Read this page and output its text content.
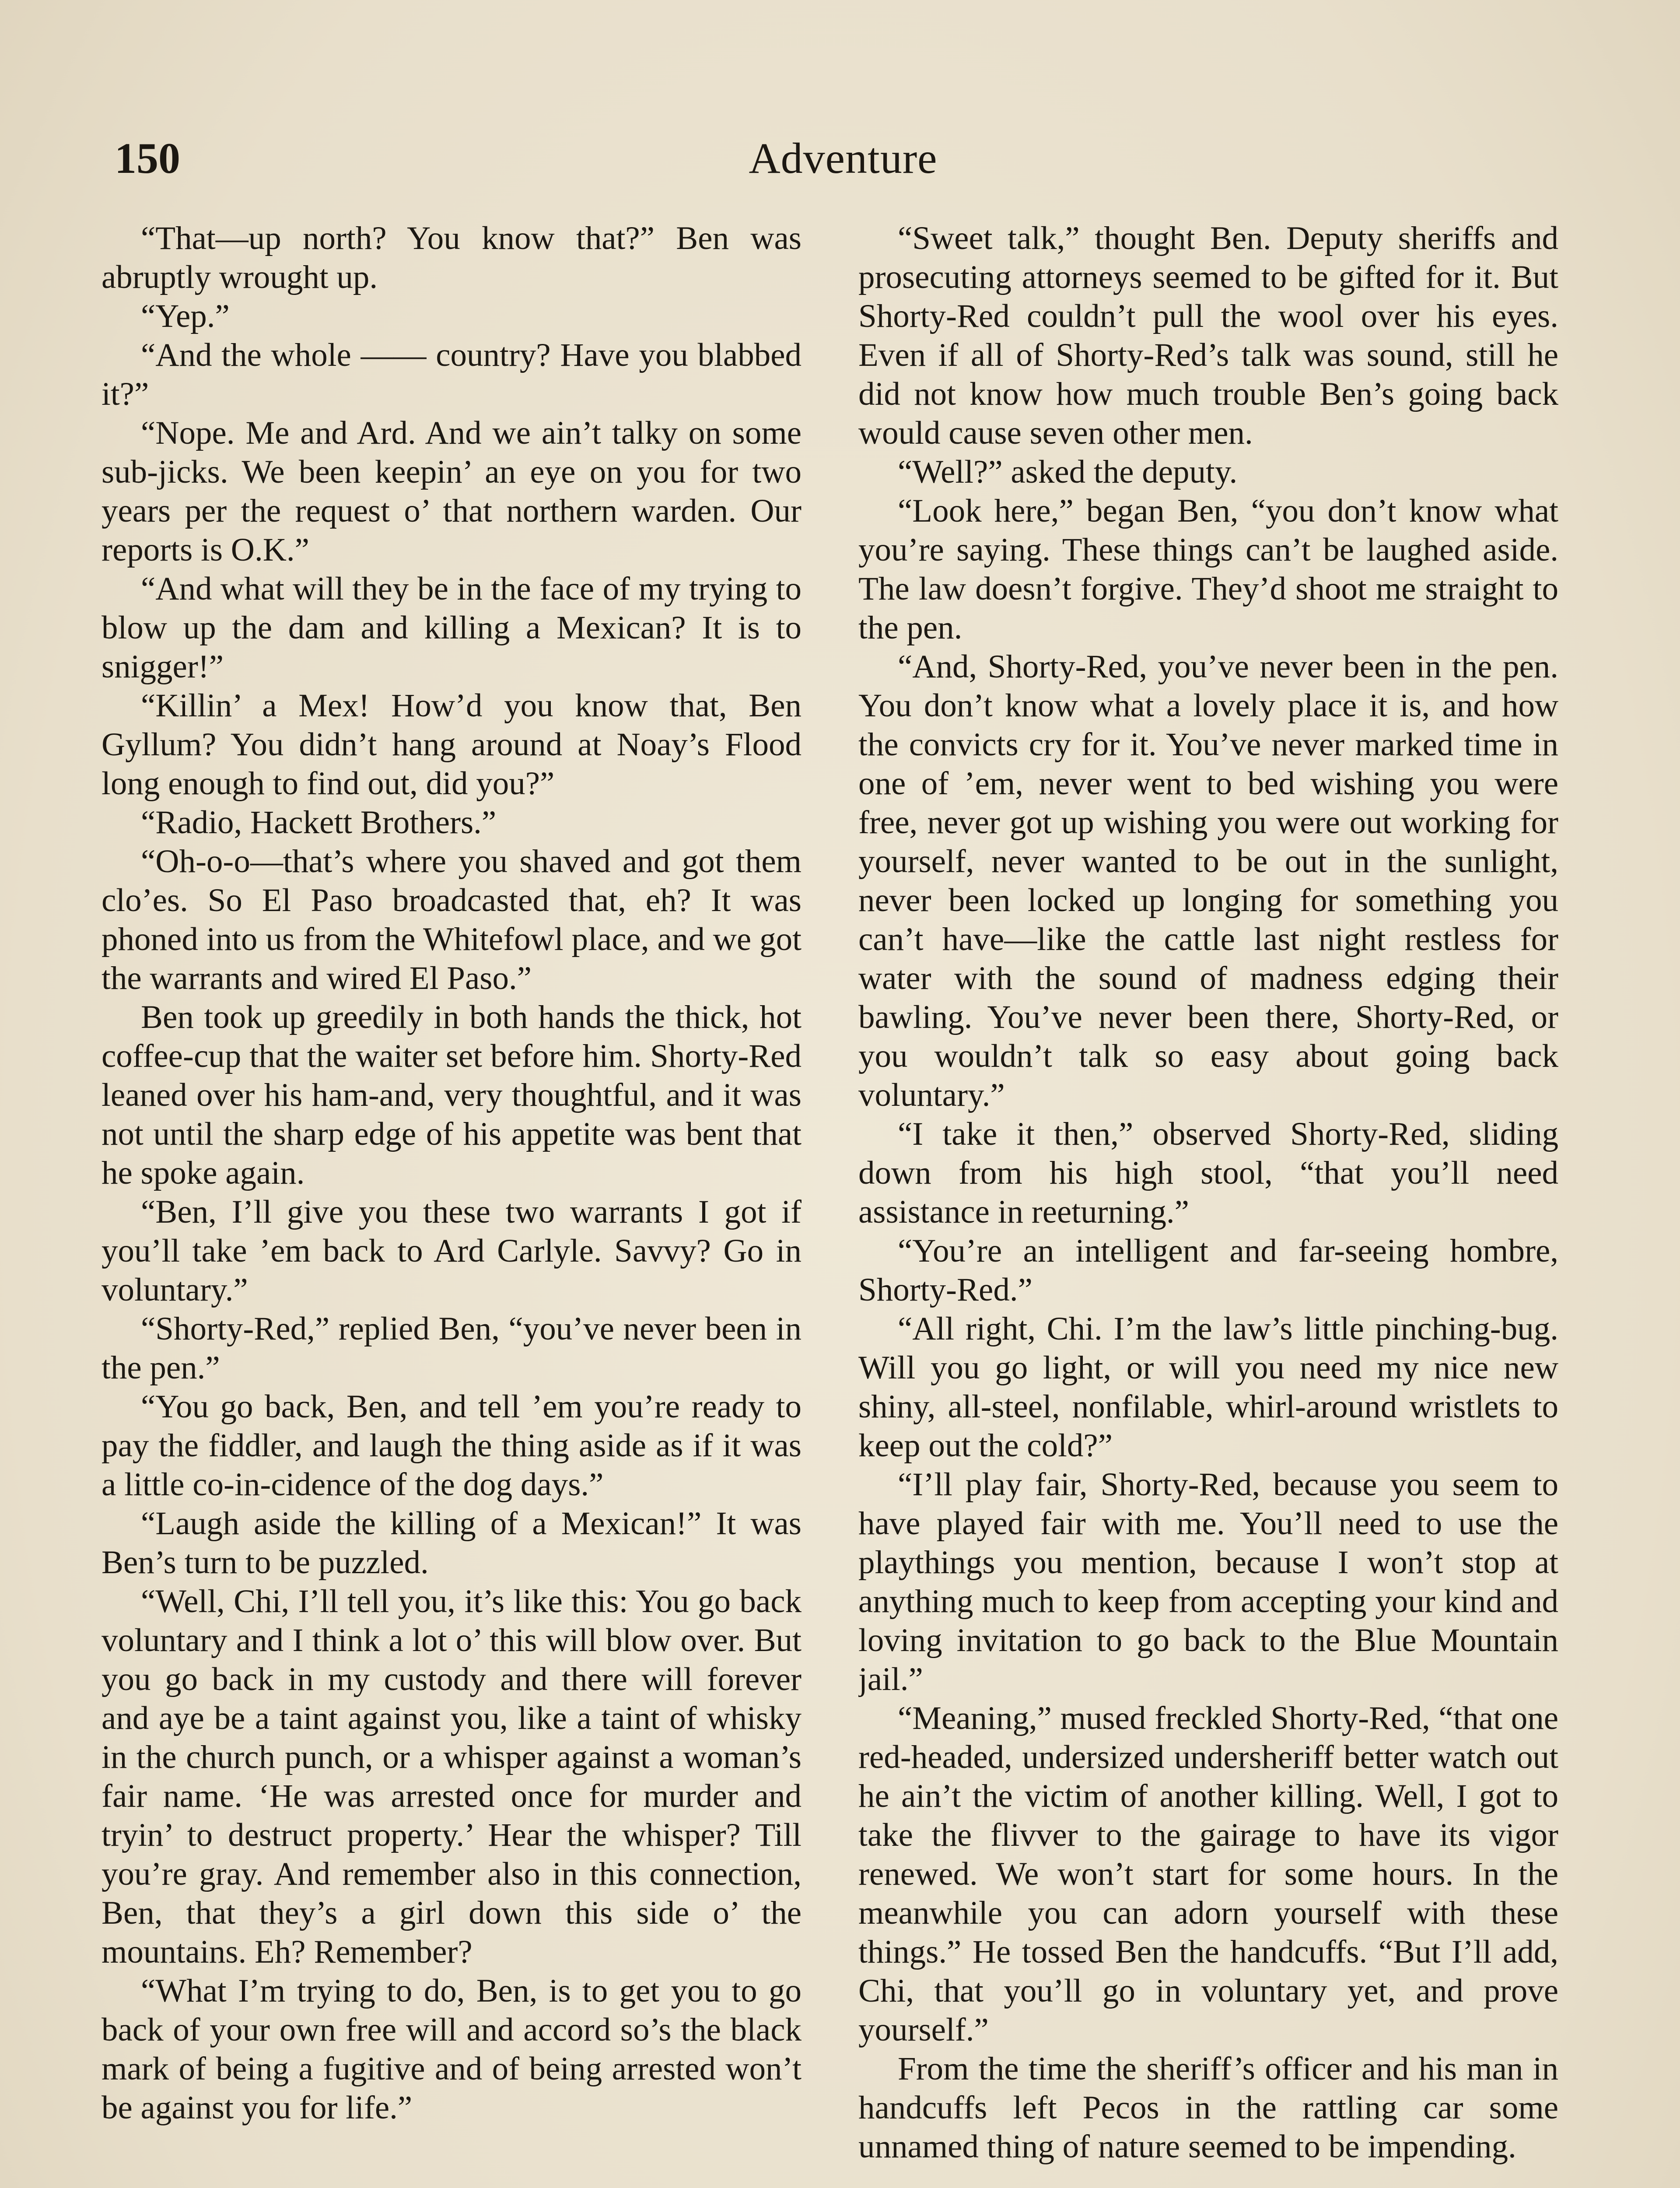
150	Adventure

“That—up north? You know that?” Ben was abruptly wrought up.

“Yep.”

“And the whole —— country? Have you blabbed it?”

“Nope. Me and Ard. And we ain’t talky on some sub-jicks. We been keepin’ an eye on you for two years per the request o’ that northern warden. Our reports is O.K.”

“And what will they be in the face of my trying to blow up the dam and killing a Mexican? It is to snigger!”

“Killin’ a Mex! How’d you know that, Ben Gyllum? You didn’t hang around at Noay’s Flood long enough to find out, did you?”

“Radio, Hackett Brothers.”

“Oh-o-o—that’s where you shaved and got them clo’es. So El Paso broadcasted that, eh? It was phoned into us from the Whitefowl place, and we got the warrants and wired El Paso.”

Ben took up greedily in both hands the thick, hot coffee-cup that the waiter set before him. Shorty-Red leaned over his ham-and, very thoughtful, and it was not until the sharp edge of his appetite was bent that he spoke again.

“Ben, I’ll give you these two warrants I got if you’ll take ’em back to Ard Carlyle. Savvy? Go in voluntary.”

“Shorty-Red,” replied Ben, “you’ve never been in the pen.”

“You go back, Ben, and tell ’em you’re ready to pay the fiddler, and laugh the thing aside as if it was a little co-in-cidence of the dog days.”

“Laugh aside the killing of a Mexican!” It was Ben’s turn to be puzzled.

“Well, Chi, I’ll tell you, it’s like this: You go back voluntary and I think a lot o’ this will blow over. But you go back in my custody and there will forever and aye be a taint against you, like a taint of whisky in the church punch, or a whisper against a woman’s fair name. ‘He was arrested once for murder and tryin’ to destruct property.’ Hear the whisper? Till you’re gray. And remember also in this connection, Ben, that they’s a girl down this side o’ the mountains. Eh? Remember?

“What I’m trying to do, Ben, is to get you to go back of your own free will and accord so’s the black mark of being a fugitive and of being arrested won’t be against you for life.”

“Sweet talk,” thought Ben. Deputy sheriffs and prosecuting attorneys seemed to be gifted for it. But Shorty-Red couldn’t pull the wool over his eyes. Even if all of Shorty-Red’s talk was sound, still he did not know how much trouble Ben’s going back would cause seven other men.

“Well?” asked the deputy.

“Look here,” began Ben, “you don’t know what you’re saying. These things can’t be laughed aside. The law doesn’t forgive. They’d shoot me straight to the pen.

“And, Shorty-Red, you’ve never been in the pen. You don’t know what a lovely place it is, and how the convicts cry for it. You’ve never marked time in one of ’em, never went to bed wishing you were free, never got up wishing you were out working for yourself, never wanted to be out in the sunlight, never been locked up longing for something you can’t have—like the cattle last night restless for water with the sound of madness edging their bawling. You’ve never been there, Shorty-Red, or you wouldn’t talk so easy about going back voluntary.”

“I take it then,” observed Shorty-Red, sliding down from his high stool, “that you’ll need assistance in reeturning.”

“You’re an intelligent and far-seeing hombre, Shorty-Red.”

“All right, Chi. I’m the law’s little pinching-bug. Will you go light, or will you need my nice new shiny, all-steel, nonfilable, whirl-around wristlets to keep out the cold?”

“I’ll play fair, Shorty-Red, because you seem to have played fair with me. You’ll need to use the playthings you mention, because I won’t stop at anything much to keep from accepting your kind and loving invitation to go back to the Blue Mountain jail.”

“Meaning,” mused freckled Shorty-Red, “that one red-headed, undersized undersheriff better watch out he ain’t the victim of another killing. Well, I got to take the flivver to the gairage to have its vigor renewed. We won’t start for some hours. In the meanwhile you can adorn yourself with these things.” He tossed Ben the handcuffs. “But I’ll add, Chi, that you’ll go in voluntary yet, and prove yourself.”

From the time the sheriff’s officer and his man in handcuffs left Pecos in the rattling car some unnamed thing of nature seemed to be impending.
